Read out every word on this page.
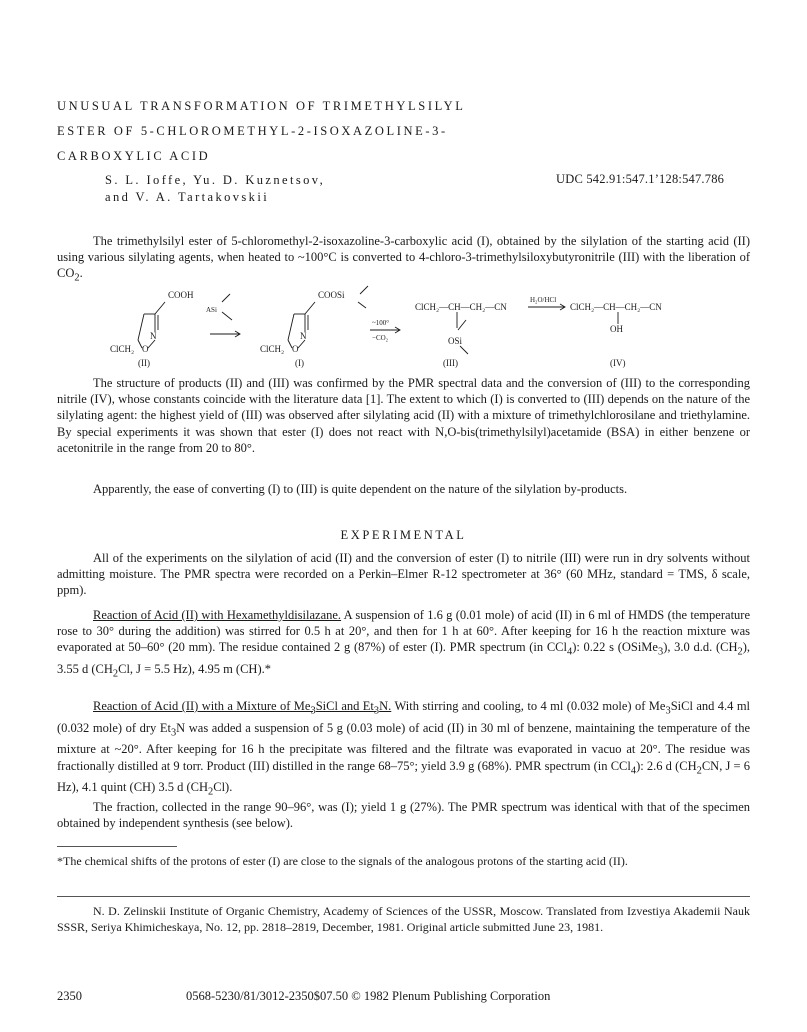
UNUSUAL TRANSFORMATION OF TRIMETHYLSILYL
ESTER OF 5-CHLOROMETHYL-2-ISOXAZOLINE-3-
CARBOXYLIC ACID
S. L. Ioffe, Yu. D. Kuznetsov,
and V. A. Tartakovskii
UDC 542.91:547.1’128:547.786

The trimethylsilyl ester of 5-chloromethyl-2-isoxazoline-3-carboxylic acid (I), obtained by the silylation of the starting acid (II) using various silylating agents, when heated to ~100°C is converted to 4-chloro-3-trimethylsiloxybutyronitrile (III) with the liberation of $CO_2$.

COOH
ASi
N
O
ClCH₂
COOSi
N
O
ClCH₂
~100°
−CO₂
ClCH₂—CH—CH₂—CN
OSi
H₂O/HCl
ClCH₂—CH—CH₂—CN
OH
(II)	(I)	(III)	(IV)

The structure of products (II) and (III) was confirmed by the PMR spectral data and the conversion of (III) to the corresponding nitrile (IV), whose constants coincide with the literature data [1]. The extent to which (I) is converted to (III) depends on the nature of the silylating agent: the highest yield of (III) was observed after silylating acid (II) with a mixture of trimethylchlorosilane and triethylamine. By special experiments it was shown that ester (I) does not react with N,O-bis(trimethylsilyl)acetamide (BSA) in either benzene or acetonitrile in the range from 20 to 80°.

Apparently, the ease of converting (I) to (III) is quite dependent on the nature of the silylation by-products.

EXPERIMENTAL

All of the experiments on the silylation of acid (II) and the conversion of ester (I) to nitrile (III) were run in dry solvents without admitting moisture. The PMR spectra were recorded on a Perkin–Elmer R-12 spectrometer at 36° (60 MHz, standard = TMS, δ scale, ppm).

Reaction of Acid (II) with Hexamethyldisilazane. A suspension of 1.6 g (0.01 mole) of acid (II) in 6 ml of HMDS (the temperature rose to 30° during the addition) was stirred for 0.5 h at 20°, and then for 1 h at 60°. After keeping for 16 h the reaction mixture was evaporated at 50–60° (20 mm). The residue contained 2 g (87%) of ester (I). PMR spectrum (in CCl$_4$): 0.22 s (OSiMe$_3$), 3.0 d.d. $(CH_2)$, 3.55 d ($CH_2Cl$, J = 5.5 Hz), 4.95 m (CH).*

Reaction of Acid (II) with a Mixture of $Me_3SiCl$ and $Et_3N$. With stirring and cooling, to 4 ml (0.032 mole) of $Me_3SiCl$ and 4.4 ml (0.032 mole) of dry $Et_3N$ was added a suspension of 5 g (0.03 mole) of acid (II) in 30 ml of benzene, maintaining the temperature of the mixture at ~20°. After keeping for 16 h the precipitate was filtered and the filtrate was evaporated in vacuo at 20°. The residue was fractionally distilled at 9 torr. Product (III) distilled in the range 68–75°; yield 3.9 g (68%). PMR spectrum (in CCl$_4$): 2.6 d ($CH_2CN$, J = 6 Hz), 4.1 quint (CH) 3.5 d $(CH_2Cl)$.

The fraction, collected in the range 90–96°, was (I); yield 1 g (27%). The PMR spectrum was identical with that of the specimen obtained by independent synthesis (see below).

*The chemical shifts of the protons of ester (I) are close to the signals of the analogous protons of the starting acid (II).

N. D. Zelinskii Institute of Organic Chemistry, Academy of Sciences of the USSR, Moscow. Translated from Izvestiya Akademii Nauk SSSR, Seriya Khimicheskaya, No. 12, pp. 2818–2819, December, 1981. Original article submitted June 23, 1981.

2350	0568-5230/81/3012-2350$07.50 © 1982 Plenum Publishing Corporation
